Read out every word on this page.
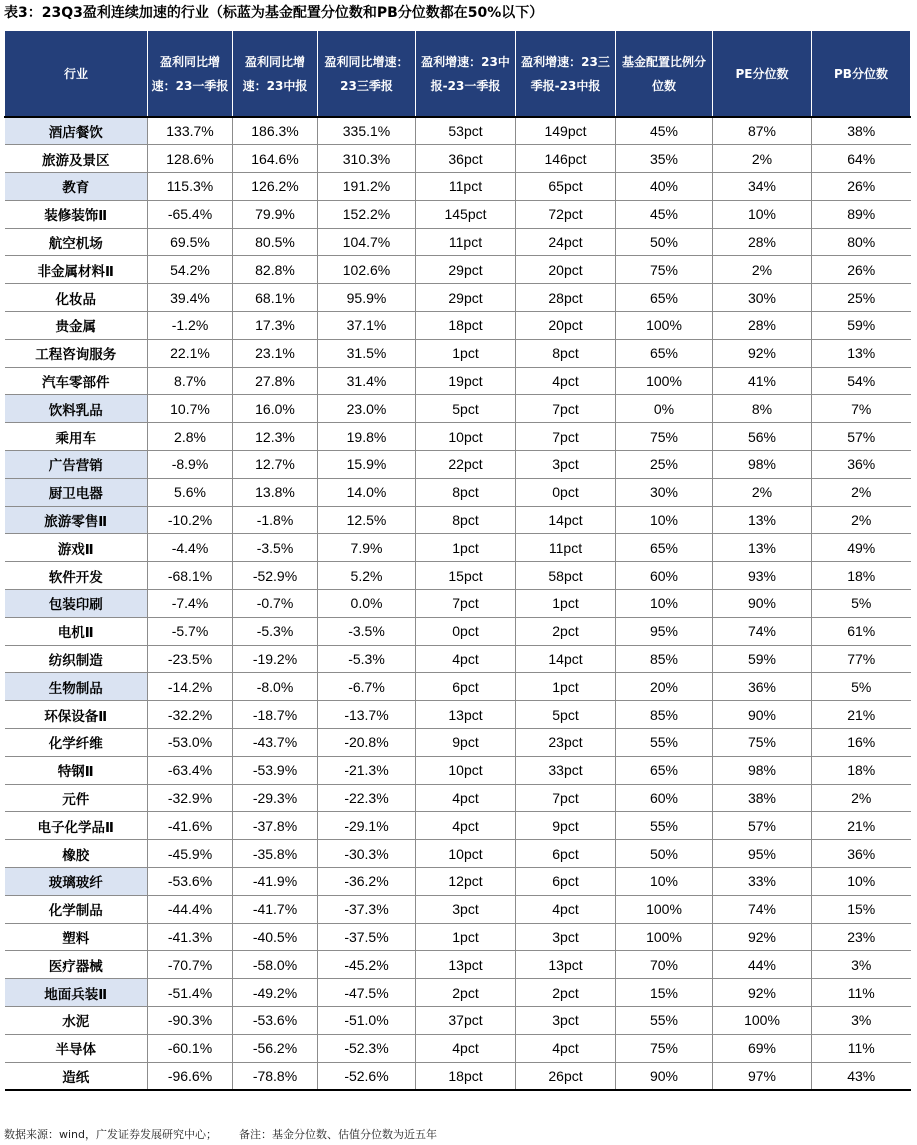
表3：23Q3盈利连续加速的行业（标蓝为基金配置分位数和PB分位数都在50%以下）
行业	盈利同比增速：23一季报	盈利同比增速：23中报	盈利同比增速：23三季报	盈利增速：23中报-23一季报	盈利增速：23三季报-23中报	基金配置比例分位数	PE分位数	PB分位数
酒店餐饮	133.7%	186.3%	335.1%	53pct	149pct	45%	87%	38%
旅游及景区	128.6%	164.6%	310.3%	36pct	146pct	35%	2%	64%
教育	115.3%	126.2%	191.2%	11pct	65pct	40%	34%	26%
装修装饰Ⅱ	-65.4%	79.9%	152.2%	145pct	72pct	45%	10%	89%
航空机场	69.5%	80.5%	104.7%	11pct	24pct	50%	28%	80%
非金属材料Ⅱ	54.2%	82.8%	102.6%	29pct	20pct	75%	2%	26%
化妆品	39.4%	68.1%	95.9%	29pct	28pct	65%	30%	25%
贵金属	-1.2%	17.3%	37.1%	18pct	20pct	100%	28%	59%
工程咨询服务	22.1%	23.1%	31.5%	1pct	8pct	65%	92%	13%
汽车零部件	8.7%	27.8%	31.4%	19pct	4pct	100%	41%	54%
饮料乳品	10.7%	16.0%	23.0%	5pct	7pct	0%	8%	7%
乘用车	2.8%	12.3%	19.8%	10pct	7pct	75%	56%	57%
广告营销	-8.9%	12.7%	15.9%	22pct	3pct	25%	98%	36%
厨卫电器	5.6%	13.8%	14.0%	8pct	0pct	30%	2%	2%
旅游零售Ⅱ	-10.2%	-1.8%	12.5%	8pct	14pct	10%	13%	2%
游戏Ⅱ	-4.4%	-3.5%	7.9%	1pct	11pct	65%	13%	49%
软件开发	-68.1%	-52.9%	5.2%	15pct	58pct	60%	93%	18%
包装印刷	-7.4%	-0.7%	0.0%	7pct	1pct	10%	90%	5%
电机Ⅱ	-5.7%	-5.3%	-3.5%	0pct	2pct	95%	74%	61%
纺织制造	-23.5%	-19.2%	-5.3%	4pct	14pct	85%	59%	77%
生物制品	-14.2%	-8.0%	-6.7%	6pct	1pct	20%	36%	5%
环保设备Ⅱ	-32.2%	-18.7%	-13.7%	13pct	5pct	85%	90%	21%
化学纤维	-53.0%	-43.7%	-20.8%	9pct	23pct	55%	75%	16%
特钢Ⅱ	-63.4%	-53.9%	-21.3%	10pct	33pct	65%	98%	18%
元件	-32.9%	-29.3%	-22.3%	4pct	7pct	60%	38%	2%
电子化学品Ⅱ	-41.6%	-37.8%	-29.1%	4pct	9pct	55%	57%	21%
橡胶	-45.9%	-35.8%	-30.3%	10pct	6pct	50%	95%	36%
玻璃玻纤	-53.6%	-41.9%	-36.2%	12pct	6pct	10%	33%	10%
化学制品	-44.4%	-41.7%	-37.3%	3pct	4pct	100%	74%	15%
塑料	-41.3%	-40.5%	-37.5%	1pct	3pct	100%	92%	23%
医疗器械	-70.7%	-58.0%	-45.2%	13pct	13pct	70%	44%	3%
地面兵装Ⅱ	-51.4%	-49.2%	-47.5%	2pct	2pct	15%	92%	11%
水泥	-90.3%	-53.6%	-51.0%	37pct	3pct	55%	100%	3%
半导体	-60.1%	-56.2%	-52.3%	4pct	4pct	75%	69%	11%
造纸	-96.6%	-78.8%	-52.6%	18pct	26pct	90%	97%	43%
数据来源：wind，广发证券发展研究中心； 备注：基金分位数、估值分位数为近五年
